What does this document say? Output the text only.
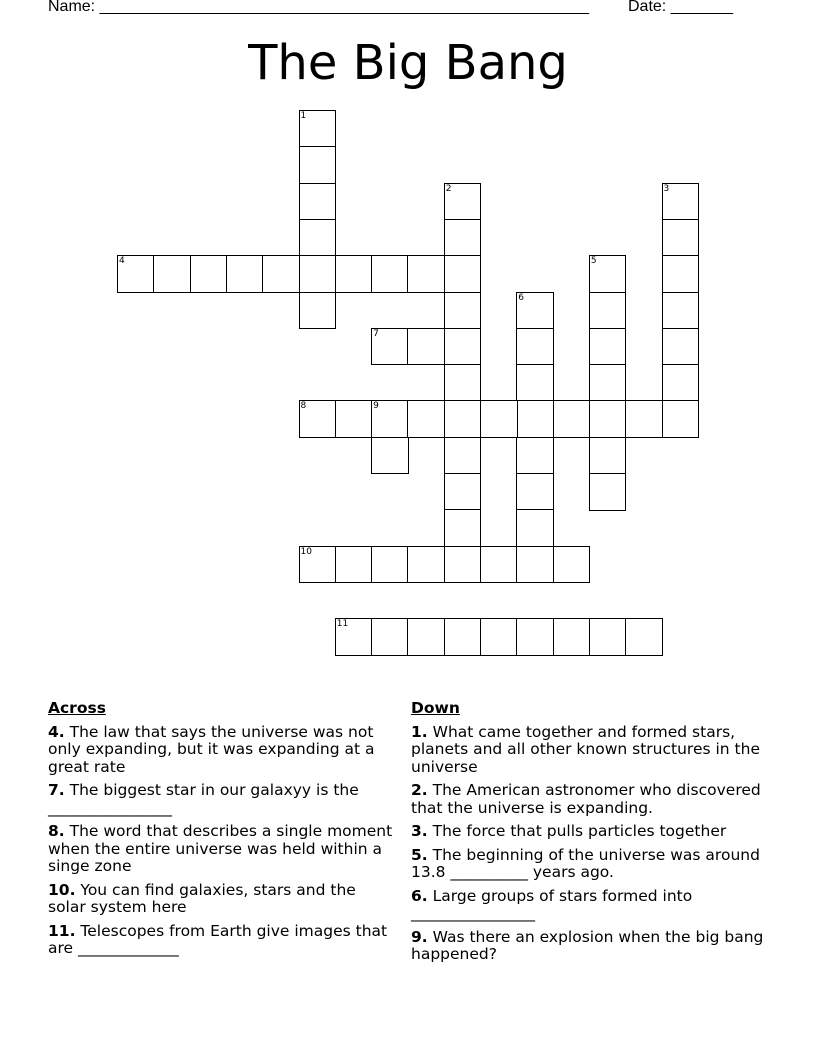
Name: _______________________________________________________ Date: _______
The Big Bang
1
2	3
4	5
6
7
8	9
10
11
Across
4. The law that says the universe was not only expanding, but it was expanding at a great rate
7. The biggest star in our galaxyy is the ________________
8. The word that describes a single moment when the entire universe was held within a singe zone
10. You can find galaxies, stars and the solar system here
11. Telescopes from Earth give images that are _____________
Down
1. What came together and formed stars, planets and all other known structures in the universe
2. The American astronomer who discovered that the universe is expanding.
3. The force that pulls particles together
5. The beginning of the universe was around 13.8 __________ years ago.
6. Large groups of stars formed into ________________
9. Was there an explosion when the big bang happened?
